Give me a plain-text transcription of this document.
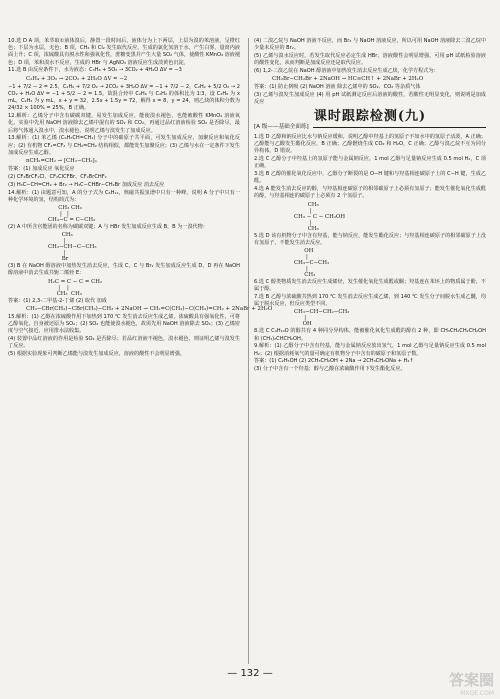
10.选 D A 项，苯萃取①液体溴后，静置一段时间后，液体分为上下两层，上层为溴的苯溶液，呈橙红色；下层为水层，无色；B 项，CH₄ 和 Cl₂ 发生取代反应，生成的氯化氢溶于水，产生白雾，量筒内液面上升；C 项，浓硫酸具有脱水性和强氧化性，蔗糖变黑并产生大量 SO₂ 气体，使酸性 KMnO₄ 溶液褪色；D 项，苯和溴水不反应，生成的 HBr 与 AgNO₃ 溶液反应生成淡黄色沉淀。

11.选 B 由反应条件下，水为液态：C₃H₈ + 5O₂ → 3CO₂ + 4H₂O ΔV = −3

C₂H₄ + 3O₂ → 2CO₂ + 2H₂O ΔV = −2

−1 + 7/2 − 2 = 2.5，C₂H₆ + 7/2 O₂ → 2CO₂ + 3H₂O ΔV = −1 + 7/2 − 2，C₂H₂ + 5/2 O₂ → 2CO₂ + H₂O ΔV = −1 + 5/2 − 2 = 1.5。故混合烃中 C₂H₆ 与 C₂H₂ 的体积比为 1∶3，设 C₂H₆ 为 x mL，C₂H₂ 为 y mL，x + y = 32，2.5x + 1.5y = 72，解得 x = 8，y = 24，则乙炔的体积分数为 24/32 × 100% = 25%，B 正确。

12.解析：乙烯分子中含有碳碳双键，易发生加成反应，能使溴水褪色，也能被酸性 KMnO₄ 溶液氧化。实验中先用 NaOH 溶液除去乙烯中混有的 SO₂ 和 CO₂，再通过品红溶液检验 SO₂ 是否除尽，最后将气体通入溴水中，溴水褪色，说明乙烯与溴发生了加成反应。

13.解析：(1) 苯乙烯 (C₆H₅CH=CH₂) 分子中的碳原子共平面，可发生加成反应、加聚反应和氧化反应；(2) 有机物 CF₂=CF₂ 与 CH₂=CH₂ 结构相似，都能发生加聚反应；(3) 乙烯与水在一定条件下发生加成反应生成乙醇。

nCH₂=CH₂ → [CH₂−CH₂]ₙ

答案：(1) 加成反应 氧化反应

(2) CF₂BrCF₂Cl、CF₂ClCFBr、CF₂BrCHF₂

(3) H₃C−CH=CH₂ + Br₂ → H₃C−CHBr−CH₂Br 加成反应 消去反应

14.解析：(1) 由题意可知，A 的分子式为 C₆H₁₂，核磁共振氢谱中只有一种峰，说明 A 分子中只有一种化学环境的氢，结构简式为：

CH₃ CH₃
|   |
CH₃−C = C−CH₃

(2) A 中所含官能团的名称为碳碳双键；A 与 HBr 发生加成反应生成 B，B 为一溴代物：

CH₃
|
CH₃−CH−C−CH₃
|
Br

(3) B 在 NaOH 醇溶液中加热发生消去反应，生成 C，C 与 Br₂ 发生加成反应生成 D，D 再在 NaOH 醇溶液中消去生成共轭二烯烃 E：

H₂C = C − C = CH₂
|    |
CH₃  CH₃

答案：(1) 2,3-二甲基-2-丁烯 (2) 取代 加成

CH₃−CBr(CH₃)−CBr(CH₃)−CH₃ + 2NaOH → CH₂=C(CH₃)−C(CH₃)=CH₂ + 2NaBr + 2H₂O

15.解析：(1) 乙醇在浓硫酸作用下加热到 170 ℃ 发生消去反应生成乙烯，浓硫酸具有强氧化性，可将乙醇氧化，自身被还原为 SO₂；(2) SO₂ 也能使溴水褪色，故需先用 NaOH 溶液除去 SO₂；(3) 乙烯密度与空气接近，应用排水法收集。

(4) 装置中品红溶液的作用是检验 SO₂ 是否除尽；若品红溶液不褪色，溴水褪色，则证明乙烯与溴发生了反应。

(5) 根据实验现象可判断乙烯能与溴发生加成反应，溶液的酸性不会明显增强。

(4) 二溴乙烷与 NaOH 溶液不反应，而 Br₂ 与 NaOH 溶液反应，所以可用 NaOH 溶液除去二溴乙烷中少量未反应的 Br₂。

(5) 乙烯与溴水反应时，若发生取代反应必定生成 HBr，溶液酸性会明显增强，可用 pH 试纸检验溶液的酸性变化，从而判断是加成反应还是取代反应。

(6) 1,2-二溴乙烷在 NaOH 醇溶液中加热发生消去反应生成乙炔，化学方程式为：

CH₂Br−CH₂Br + 2NaOH → HC≡CH↑ + 2NaBr + 2H₂O

答案：(1) 防止倒吸 (2) NaOH 溶液 除去乙烯中的 SO₂、CO₂ 等杂质气体

(3) 乙烯与溴发生加成反应 (4) 用 pH 试纸测定反应后溶液的酸性，若酸性无明显变化，则说明是加成反应

课时跟踪检测(九)
[A 级——基础全面练]

1.选 D 乙醇和钠反应比水与钠反应缓和，说明乙醇中羟基上的氢原子不如水中的氢原子活泼，A 正确；乙醇能与乙酸发生酯化反应，B 正确；乙醇燃烧生成 CO₂ 和 H₂O，C 正确；乙醇与溴乙烷不互为同分异构体，D 错误。

2.选 C 乙醇分子中羟基上的氢原子能与金属钠反应，1 mol 乙醇与足量钠反应生成 0.5 mol H₂，C 项正确。

3.选 B 乙醇的催化氧化反应中，乙醇分子断裂的是 O−H 键和与羟基相连碳原子上的 C−H 键，生成乙醛。

4.选 A 能发生消去反应的醇，与羟基相连碳原子的相邻碳原子上必须有氢原子；能发生催化氧化生成醛的醇，与羟基相连的碳原子上必须有 2 个氢原子。

CH₃
|
CH₃ − C − CH₂OH
|
CH₃

5.选 D 该有机物分子中含有羟基，能与钠反应，能发生酯化反应；与羟基相连碳原子的相邻碳原子上没有氢原子，不能发生消去反应。

OH
|
CH₃−C−CH₃
|
CH₃

6.选 C 醇类物质发生消去反应生成烯烃，发生催化氧化生成醛或酮；羟基连在苯环上的物质属于酚，不属于醇。

7.选 B 乙醇与浓硫酸共热到 170 ℃ 发生消去反应生成乙烯，到 140 ℃ 发生分子间脱水生成乙醚，均属于脱水反应，但反应类型不同。

CH₃−CH−CH₂−CH₃
|
OH

8.选 C C₄H₁₀O 的醇共有 4 种同分异构体，能被催化氧化生成醛的醇有 2 种，即 CH₃CH₂CH₂CH₂OH 和 (CH₃)₂CHCH₂OH。

9.解析：(1) 乙醇分子中含有羟基，能与金属钠反应放出氢气，1 mol 乙醇与足量钠反应生成 0.5 mol H₂；(2) 根据消耗氧气的量可确定有机物分子中含有的碳原子和氢原子数。

答案：(1) C₂H₅OH (2) 2CH₃CH₂OH + 2Na → 2CH₃CH₂ONa + H₂↑

(3) 分子中含有一个羟基；醇与乙酸在浓硫酸作用下发生酯化反应。

— 132 —	答案圈
MXQE.COM
